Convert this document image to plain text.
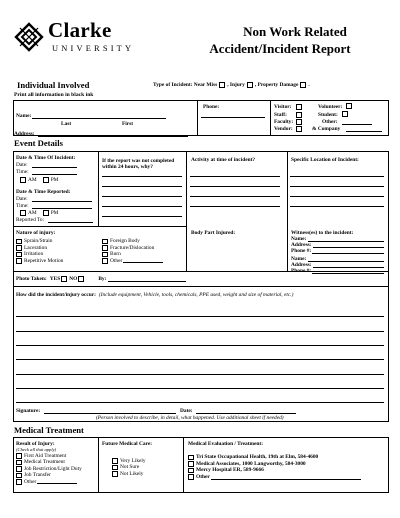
Clarke
UNIVERSITY
Non Work Related
Accident/Incident Report
Individual Involved
Print all information in black ink
Type of Incident: Near Miss , Injury , Property Damage .
Name:
Last	First
Address:
Phone:	Visitor:	Volunteer:
Staff:	Student:
Faculty:	Other:
Vendor:	& Company
Event Details
Date & Time Of Incident:
Date:
Time:
AM	PM
Date & Time Reported:
Date:
Time:
AM	PM
Reported To:
If the report was not completed
within 24 hours, why?
Activity at time of incident?	Specific Location of Incident:
Nature of injury:
Sprain/Strain
Laceration
Irritation
Repetitive Motion
Foreign Body
Fracture/Dislocation
Burn
Other
Body Part Injured:	Witness(es) to the incident:
Name:
Address:
Phone #:
Name:
Address:
Phone #:
Photo Taken: YES NO	By:
How did the incident/injury occur: (Include equipment, Vehicle, tools, chemicals, PPE used, weight and size of material, etc.)
Signature:	Date:
(Person involved to describe, in detail, what happened. Use additional sheet if needed)
Medical Treatment
Result of Injury:
(Check all that apply)
First Aid Treatment
Medical Treatment
Job Restriction/Light Duty
Job Transfer
Other
Future Medical Care:
Very Likely
Not Sure
Not Likely
Medical Evaluation / Treatment:
Tri State Occupational Health, 19th at Elm, 584-4600
Medical Associates, 1000 Langworthy, 584-3000
Mercy Hospital ER, 589-9666
Other
